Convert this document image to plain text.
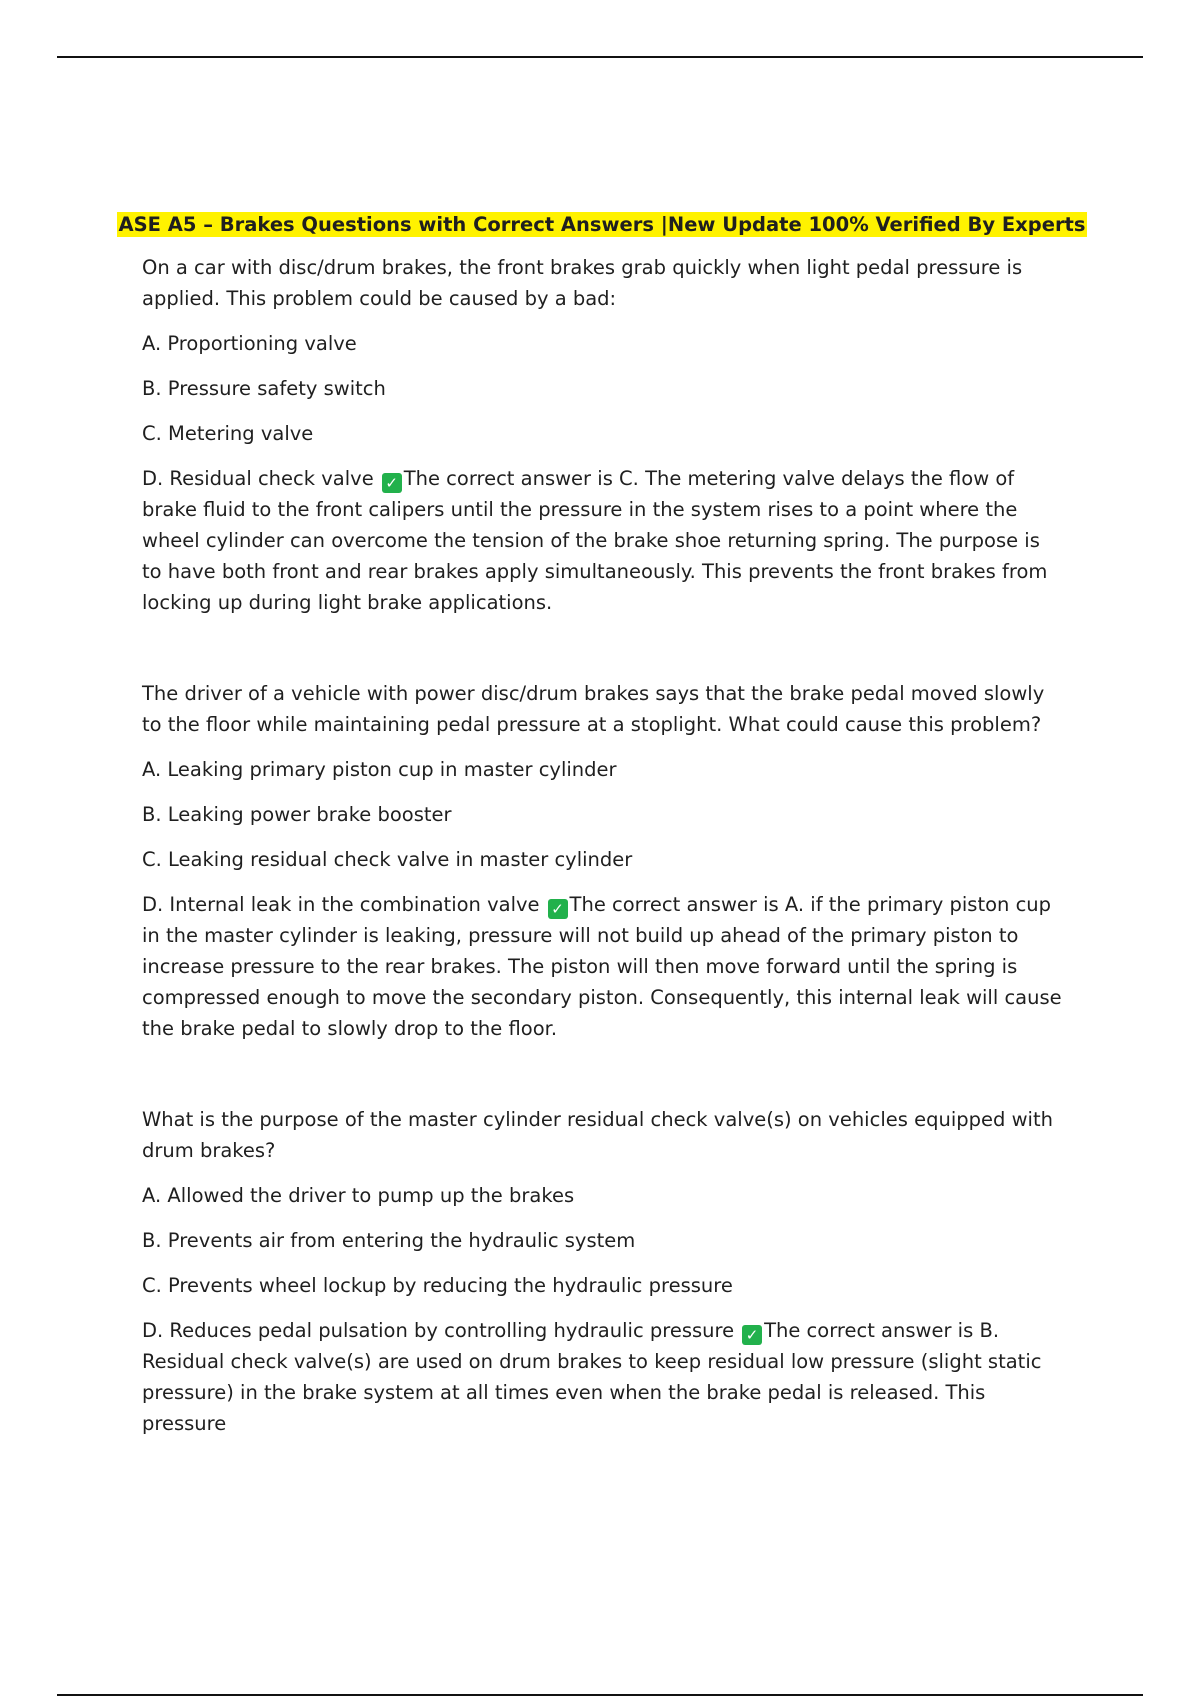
ASE A5 – Brakes Questions with Correct Answers |New Update 100% Verified By Experts

On a car with disc/drum brakes, the front brakes grab quickly when light pedal pressure is applied. This problem could be caused by a bad:

A. Proportioning valve

B. Pressure safety switch

C. Metering valve

D. Residual check valve ✓ The correct answer is C. The metering valve delays the flow of brake fluid to the front calipers until the pressure in the system rises to a point where the wheel cylinder can overcome the tension of the brake shoe returning spring. The purpose is to have both front and rear brakes apply simultaneously. This prevents the front brakes from locking up during light brake applications.

The driver of a vehicle with power disc/drum brakes says that the brake pedal moved slowly to the floor while maintaining pedal pressure at a stoplight. What could cause this problem?

A. Leaking primary piston cup in master cylinder

B. Leaking power brake booster

C. Leaking residual check valve in master cylinder

D. Internal leak in the combination valve ✓ The correct answer is A. if the primary piston cup in the master cylinder is leaking, pressure will not build up ahead of the primary piston to increase pressure to the rear brakes. The piston will then move forward until the spring is compressed enough to move the secondary piston. Consequently, this internal leak will cause the brake pedal to slowly drop to the floor.

What is the purpose of the master cylinder residual check valve(s) on vehicles equipped with drum brakes?

A. Allowed the driver to pump up the brakes

B. Prevents air from entering the hydraulic system

C. Prevents wheel lockup by reducing the hydraulic pressure

D. Reduces pedal pulsation by controlling hydraulic pressure ✓ The correct answer is B. Residual check valve(s) are used on drum brakes to keep residual low pressure (slight static pressure) in the brake system at all times even when the brake pedal is released. This pressure
